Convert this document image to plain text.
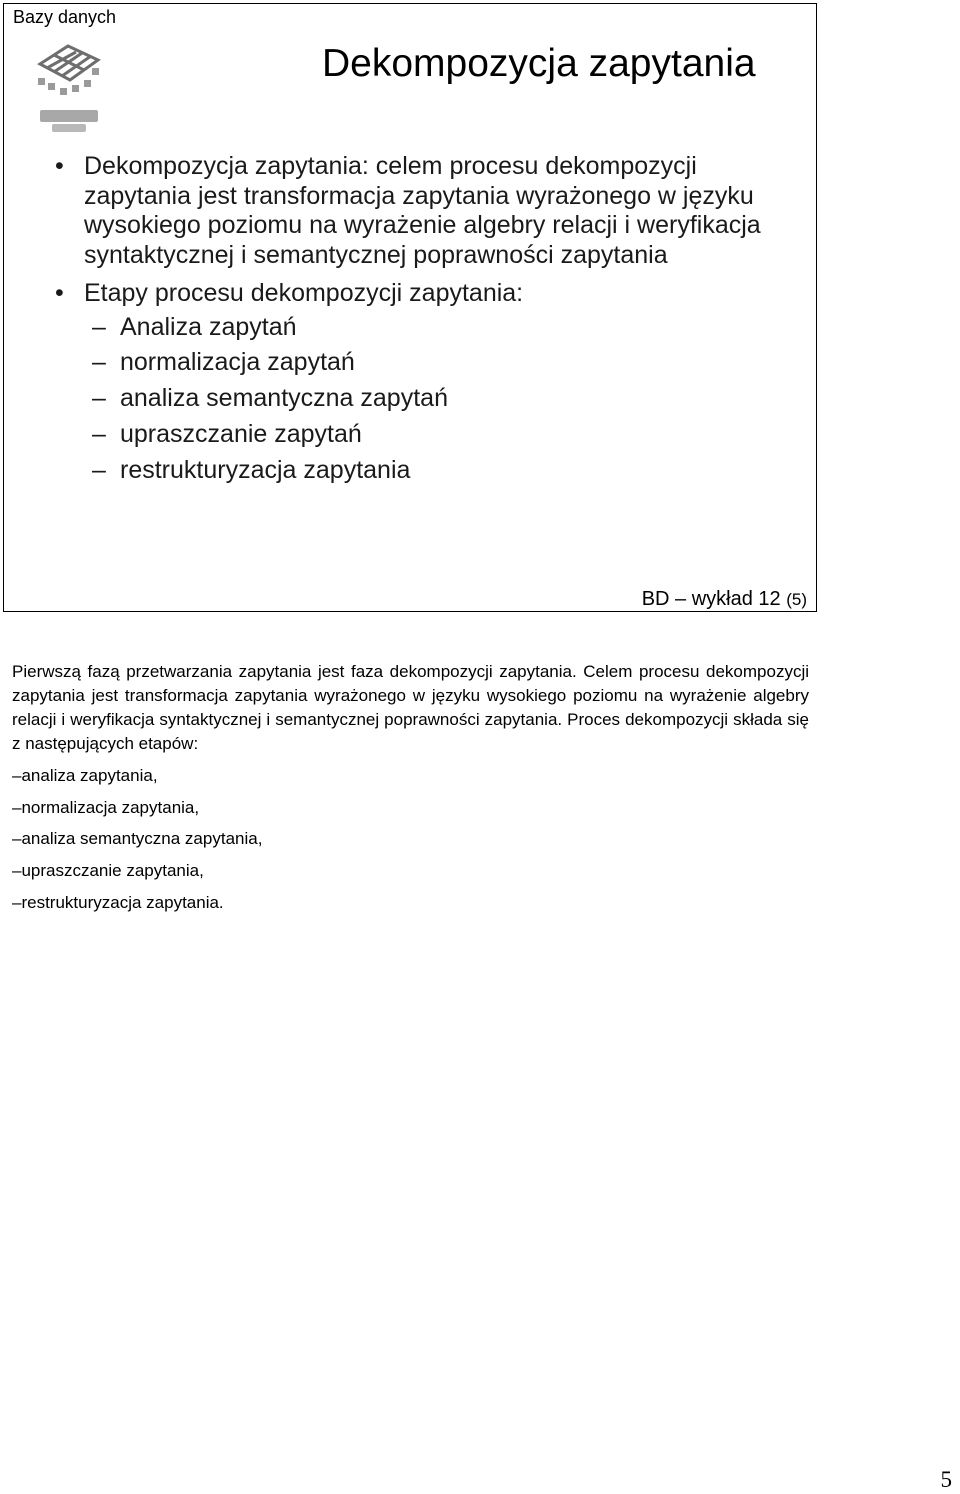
Bazy danych
Dekompozycja zapytania
• Dekompozycja zapytania: celem procesu dekompozycji zapytania jest transformacja zapytania wyrażonego w języku wysokiego poziomu na wyrażenie algebry relacji i weryfikacja syntaktycznej i semantycznej poprawności zapytania
• Etapy procesu dekompozycji zapytania:
– Analiza zapytań
– normalizacja zapytań
– analiza semantyczna zapytań
– upraszczanie zapytań
– restrukturyzacja zapytania
BD – wykład 12 (5)
Pierwszą fazą przetwarzania zapytania jest faza dekompozycji zapytania. Celem procesu dekompozycji zapytania jest transformacja zapytania wyrażonego w języku wysokiego poziomu na wyrażenie algebry relacji i weryfikacja syntaktycznej i semantycznej poprawności zapytania. Proces dekompozycji składa się z następujących etapów:
–analiza zapytania,
–normalizacja zapytania,
–analiza semantyczna zapytania,
–upraszczanie zapytania,
–restrukturyzacja zapytania.
5
